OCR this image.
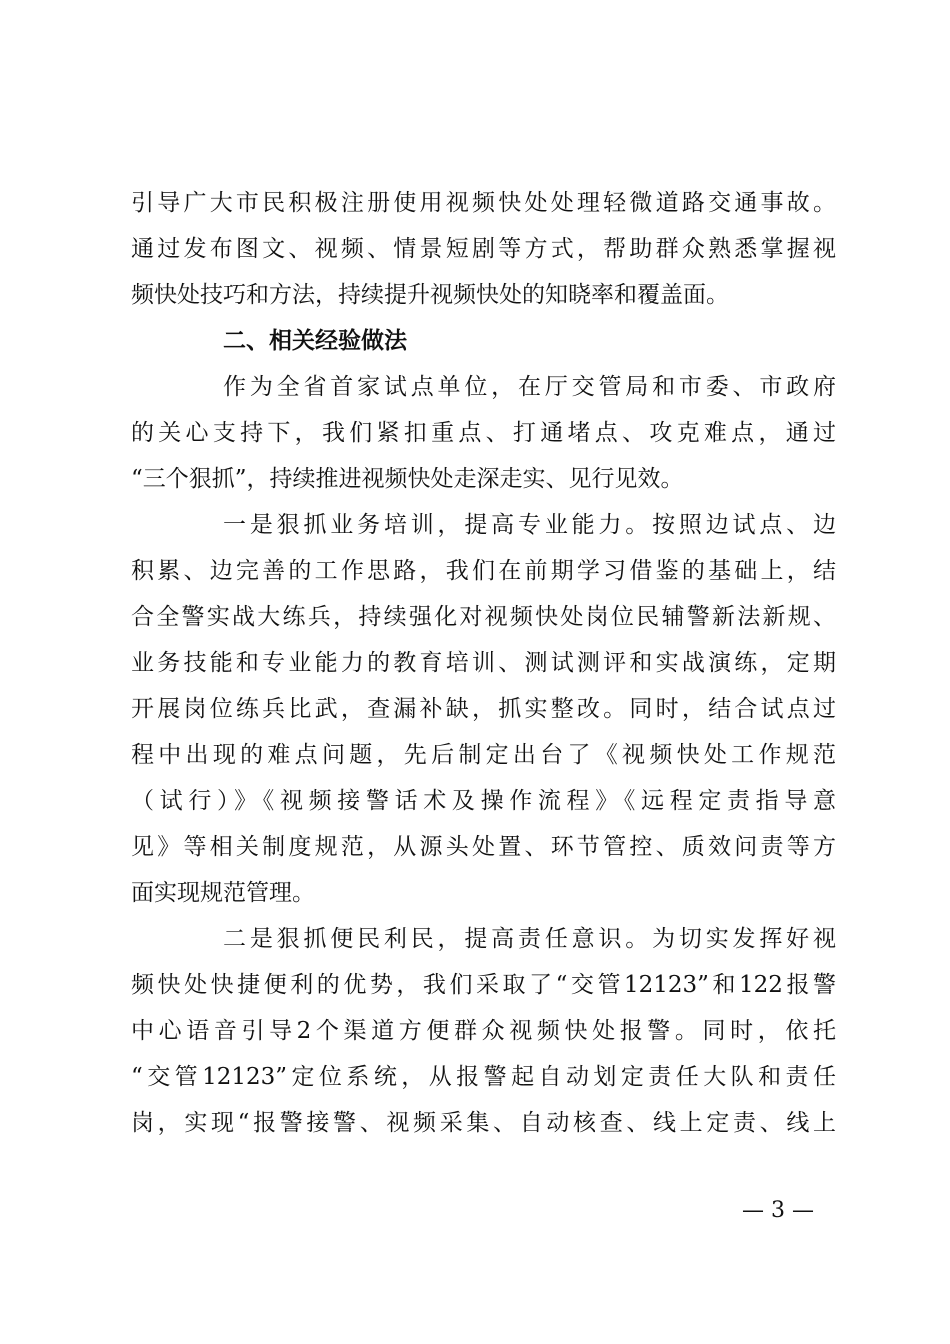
引导广大市民积极注册使用视频快处处理轻微道路交通事故。
通过发布图文、视频、情景短剧等方式，帮助群众熟悉掌握视
频快处技巧和方法，持续提升视频快处的知晓率和覆盖面。
二、相关经验做法
作为全省首家试点单位，在厅交管局和市委、市政府
的关心支持下，我们紧扣重点、打通堵点、攻克难点，通过
“三个狠抓”，持续推进视频快处走深走实、见行见效。
一是狠抓业务培训，提高专业能力。按照边试点、边
积累、边完善的工作思路，我们在前期学习借鉴的基础上，结
合全警实战大练兵，持续强化对视频快处岗位民辅警新法新规、
业务技能和专业能力的教育培训、测试测评和实战演练，定期
开展岗位练兵比武，查漏补缺，抓实整改。同时，结合试点过
程中出现的难点问题，先后制定出台了《视频快处工作规范
（试行）》《视频接警话术及操作流程》《远程定责指导意
见》等相关制度规范，从源头处置、环节管控、质效问责等方
面实现规范管理。
二是狠抓便民利民，提高责任意识。为切实发挥好视
频快处快捷便利的优势，我们采取了“交管12123”和122报警
中心语音引导2个渠道方便群众视频快处报警。同时，依托
“交管12123”定位系统，从报警起自动划定责任大队和责任
岗，实现“报警接警、视频采集、自动核查、线上定责、线上
— 3 —
